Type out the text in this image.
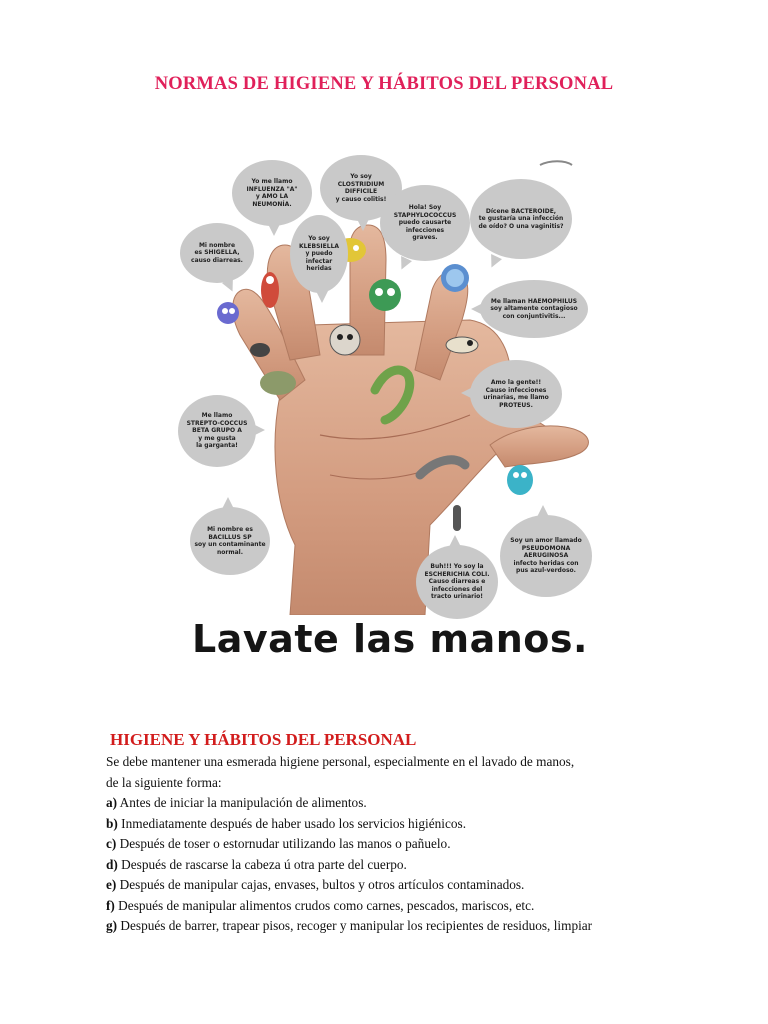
NORMAS DE HIGIENE Y HÁBITOS DEL PERSONAL
Yo me llamo
INFLUENZA "A"
y AMO LA
NEUMONÍA.
Yo soy
CLOSTRIDIUM
DIFFICILE
y causo colitis!
Yo soy
KLEBSIELLA
y puedo
infectar
heridas
Hola! Soy
STAPHYLOCOCCUS
puedo causarte
infecciones
graves.
Dícene BACTEROIDE,
te gustaría una infección
de oído? O una vaginitis?
Mi nombre
es SHIGELLA,
causo diarreas.
Me llaman HAEMOPHILUS
soy altamente contagioso
con conjuntivitis...
Amo la gente!!
Causo infecciones
urinarias, me llamo
PROTEUS.
Me llamo
STREPTO-COCCUS
BETA GRUPO A
y me gusta
la garganta!
Mi nombre es
BACILLUS SP
soy un contaminante
normal.
Buh!!! Yo soy la
ESCHERICHIA COLI.
Causo diarreas e
infecciones del
tracto urinario!
Soy un amor llamado
PSEUDOMONA
AERUGINOSA
infecto heridas con
pus azul-verdoso.
Lavate las manos.
HIGIENE Y HÁBITOS DEL PERSONAL

Se debe mantener una esmerada higiene personal, especialmente en el lavado de manos,

de la siguiente forma:

a) Antes de iniciar la manipulación de alimentos.
b) Inmediatamente después de haber usado los servicios higiénicos.
c) Después de toser o estornudar utilizando las manos o pañuelo.
d) Después de rascarse la cabeza ú otra parte del cuerpo.
e) Después de manipular cajas, envases, bultos y otros artículos contaminados.
f) Después de manipular alimentos crudos como carnes, pescados, mariscos, etc.
g) Después de barrer, trapear pisos, recoger y manipular los recipientes de residuos, limpiar
